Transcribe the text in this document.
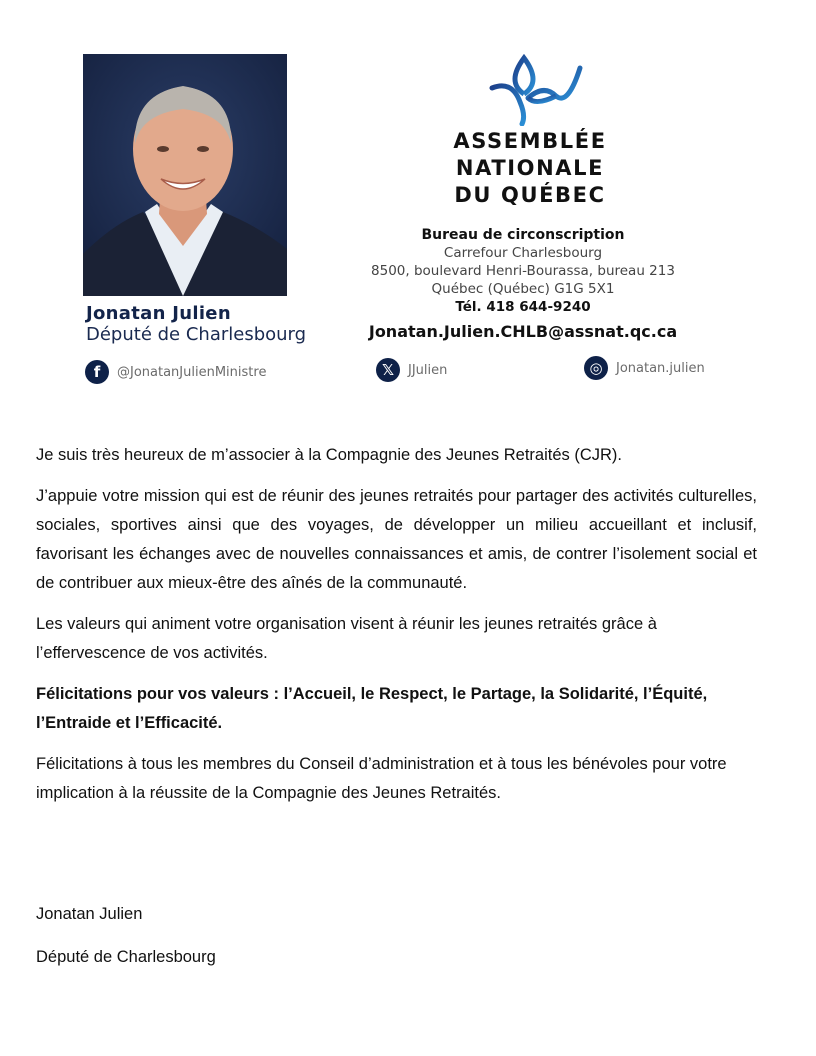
Jonatan Julien
Député de Charlesbourg
f	@JonatanJulienMinistre
ASSEMBLÉE
NATIONALE
DU QUÉBEC
Bureau de circonscription
Carrefour Charlesbourg
8500, boulevard Henri-Bourassa, bureau 213
Québec (Québec) G1G 5X1
Tél. 418 644-9240
Jonatan.Julien.CHLB@assnat.qc.ca
𝕏	JJulien	◎	Jonatan.julien

Je suis très heureux de m’associer à la Compagnie des Jeunes Retraités (CJR).

J’appuie votre mission qui est de réunir des jeunes retraités pour partager des activités culturelles, sociales, sportives ainsi que des voyages, de développer un milieu accueillant et inclusif, favorisant les échanges avec de nouvelles connaissances et amis, de contrer l’isolement social et de contribuer aux mieux-être des aînés de la communauté.

Les valeurs qui animent votre organisation visent à réunir les jeunes retraités grâce à l’effervescence de vos activités.

Félicitations pour vos valeurs : l’Accueil, le Respect, le Partage, la Solidarité, l’Équité, l’Entraide et l’Efficacité.

Félicitations à tous les membres du Conseil d’administration et à tous les bénévoles pour votre implication à la réussite de la Compagnie des Jeunes Retraités.

Jonatan Julien
Député de Charlesbourg
